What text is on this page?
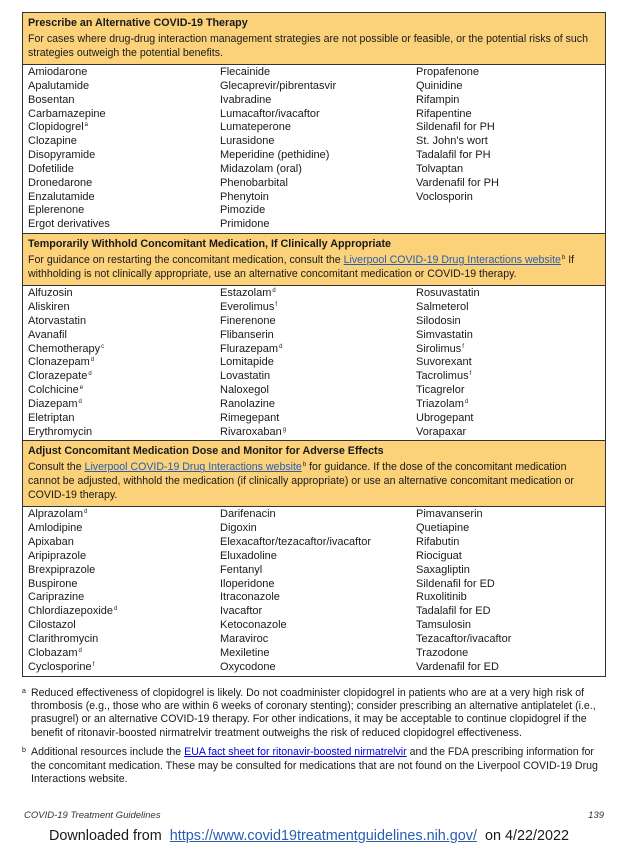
Prescribe an Alternative COVID-19 Therapy
For cases where drug-drug interaction management strategies are not possible or feasible, or the potential risks of such strategies outweigh the potential benefits.
Amiodarone
Apalutamide
Bosentan
Carbamazepine
Clopidogrel$^a$
Clozapine
Disopyramide
Dofetilide
Dronedarone
Enzalutamide
Eplerenone
Ergot derivatives
Flecainide
Glecaprevir/pibrentasvir
Ivabradine
Lumacaftor/ivacaftor
Lumateperone
Lurasidone
Meperidine (pethidine)
Midazolam (oral)
Phenobarbital
Phenytoin
Pimozide
Primidone
Propafenone
Quinidine
Rifampin
Rifapentine
Sildenafil for PH
St. John's wort
Tadalafil for PH
Tolvaptan
Vardenafil for PH
Voclosporin
Temporarily Withhold Concomitant Medication, If Clinically Appropriate
For guidance on restarting the concomitant medication, consult the Liverpool COVID-19 Drug Interactions website$^b$ If withholding is not clinically appropriate, use an alternative concomitant medication or COVID-19 therapy.
Alfuzosin
Aliskiren
Atorvastatin
Avanafil
Chemotherapy$^c$
Clonazepam$^d$
Clorazepate$^d$
Colchicine$^e$
Diazepam$^d$
Eletriptan
Erythromycin
Estazolam$^d$
Everolimus$^f$
Finerenone
Flibanserin
Flurazepam$^d$
Lomitapide
Lovastatin
Naloxegol
Ranolazine
Rimegepant
Rivaroxaban$^g$
Rosuvastatin
Salmeterol
Silodosin
Simvastatin
Sirolimus$^f$
Suvorexant
Tacrolimus$^f$
Ticagrelor
Triazolam$^d$
Ubrogepant
Vorapaxar
Adjust Concomitant Medication Dose and Monitor for Adverse Effects
Consult the Liverpool COVID-19 Drug Interactions website$^b$ for guidance. If the dose of the concomitant medication cannot be adjusted, withhold the medication (if clinically appropriate) or use an alternative concomitant medication or COVID-19 therapy.
Alprazolam$^d$
Amlodipine
Apixaban
Aripiprazole
Brexpiprazole
Buspirone
Cariprazine
Chlordiazepoxide$^d$
Cilostazol
Clarithromycin
Clobazam$^d$
Cyclosporine$^f$
Darifenacin
Digoxin
Elexacaftor/tezacaftor/ivacaftor
Eluxadoline
Fentanyl
Iloperidone
Itraconazole
Ivacaftor
Ketoconazole
Maraviroc
Mexiletine
Oxycodone
Pimavanserin
Quetiapine
Rifabutin
Riociguat
Saxagliptin
Sildenafil for ED
Ruxolitinib
Tadalafil for ED
Tamsulosin
Tezacaftor/ivacaftor
Trazodone
Vardenafil for ED
a Reduced effectiveness of clopidogrel is likely. Do not coadminister clopidogrel in patients who are at a very high risk of thrombosis (e.g., those who are within 6 weeks of coronary stenting); consider prescribing an alternative antiplatelet (i.e., prasugrel) or an alternative COVID-19 therapy. For other indications, it may be acceptable to continue clopidogrel if the benefit of ritonavir-boosted nirmatrelvir treatment outweighs the risk of reduced clopidogrel effectiveness.
b Additional resources include the EUA fact sheet for ritonavir-boosted nirmatrelvir and the FDA prescribing information for the concomitant medication. These may be consulted for medications that are not found on the Liverpool COVID-19 Drug Interactions website.
COVID-19 Treatment Guidelines	139
Downloaded from https://www.covid19treatmentguidelines.nih.gov/ on 4/22/2022
